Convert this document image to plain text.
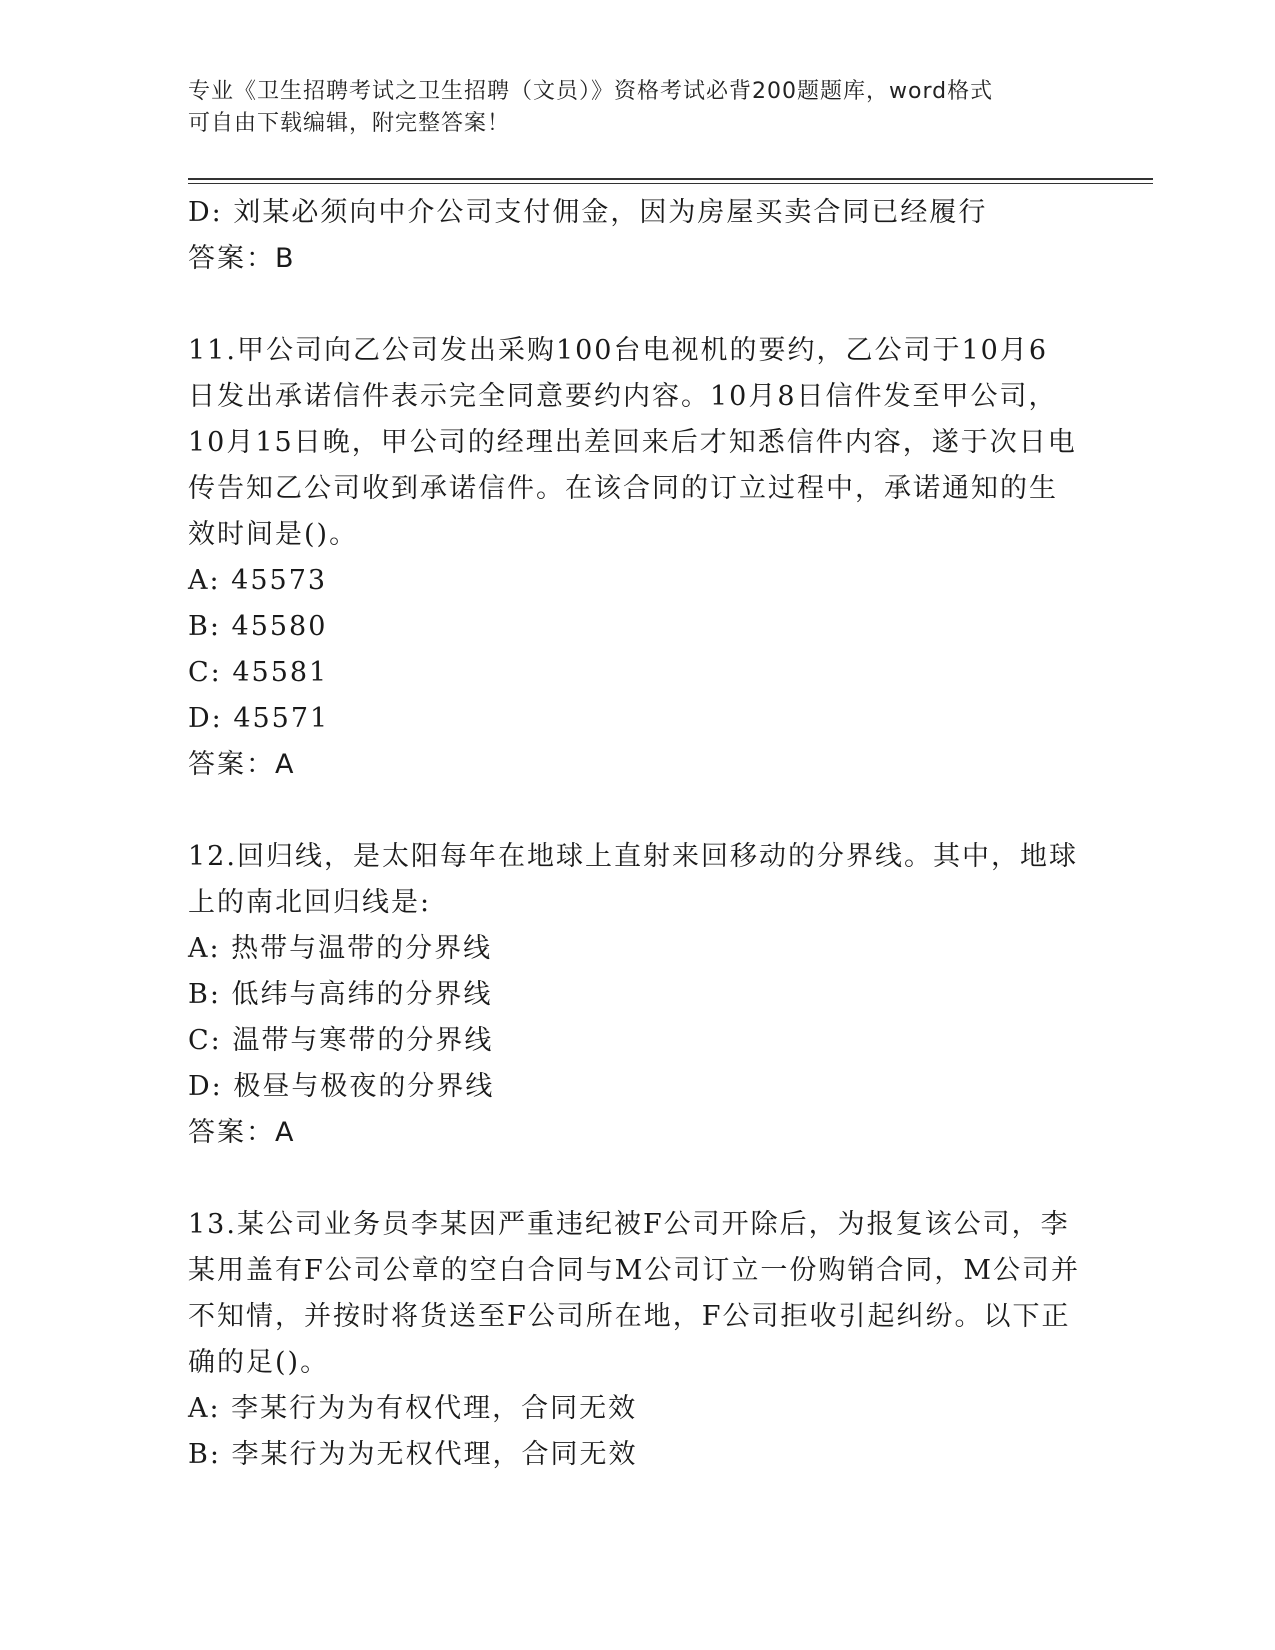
专业《卫生招聘考试之卫生招聘（文员）》资格考试必背200题题库，word格式
可自由下载编辑，附完整答案！
D: 刘某必须向中介公司支付佣金，因为房屋买卖合同已经履行
答案：B
11.甲公司向乙公司发出采购100台电视机的要约，乙公司于10月6
日发出承诺信件表示完全同意要约内容。10月8日信件发至甲公司，
10月15日晚，甲公司的经理出差回来后才知悉信件内容，遂于次日电
传告知乙公司收到承诺信件。在该合同的订立过程中，承诺通知的生
效时间是()。
A: 45573
B: 45580
C: 45581
D: 45571
答案：A
12.回归线，是太阳每年在地球上直射来回移动的分界线。其中，地球
上的南北回归线是:
A: 热带与温带的分界线
B: 低纬与高纬的分界线
C: 温带与寒带的分界线
D: 极昼与极夜的分界线
答案：A
13.某公司业务员李某因严重违纪被F公司开除后，为报复该公司，李
某用盖有F公司公章的空白合同与M公司订立一份购销合同，M公司并
不知情，并按时将货送至F公司所在地，F公司拒收引起纠纷。以下正
确的足()。
A: 李某行为为有权代理，合同无效
B: 李某行为为无权代理，合同无效
